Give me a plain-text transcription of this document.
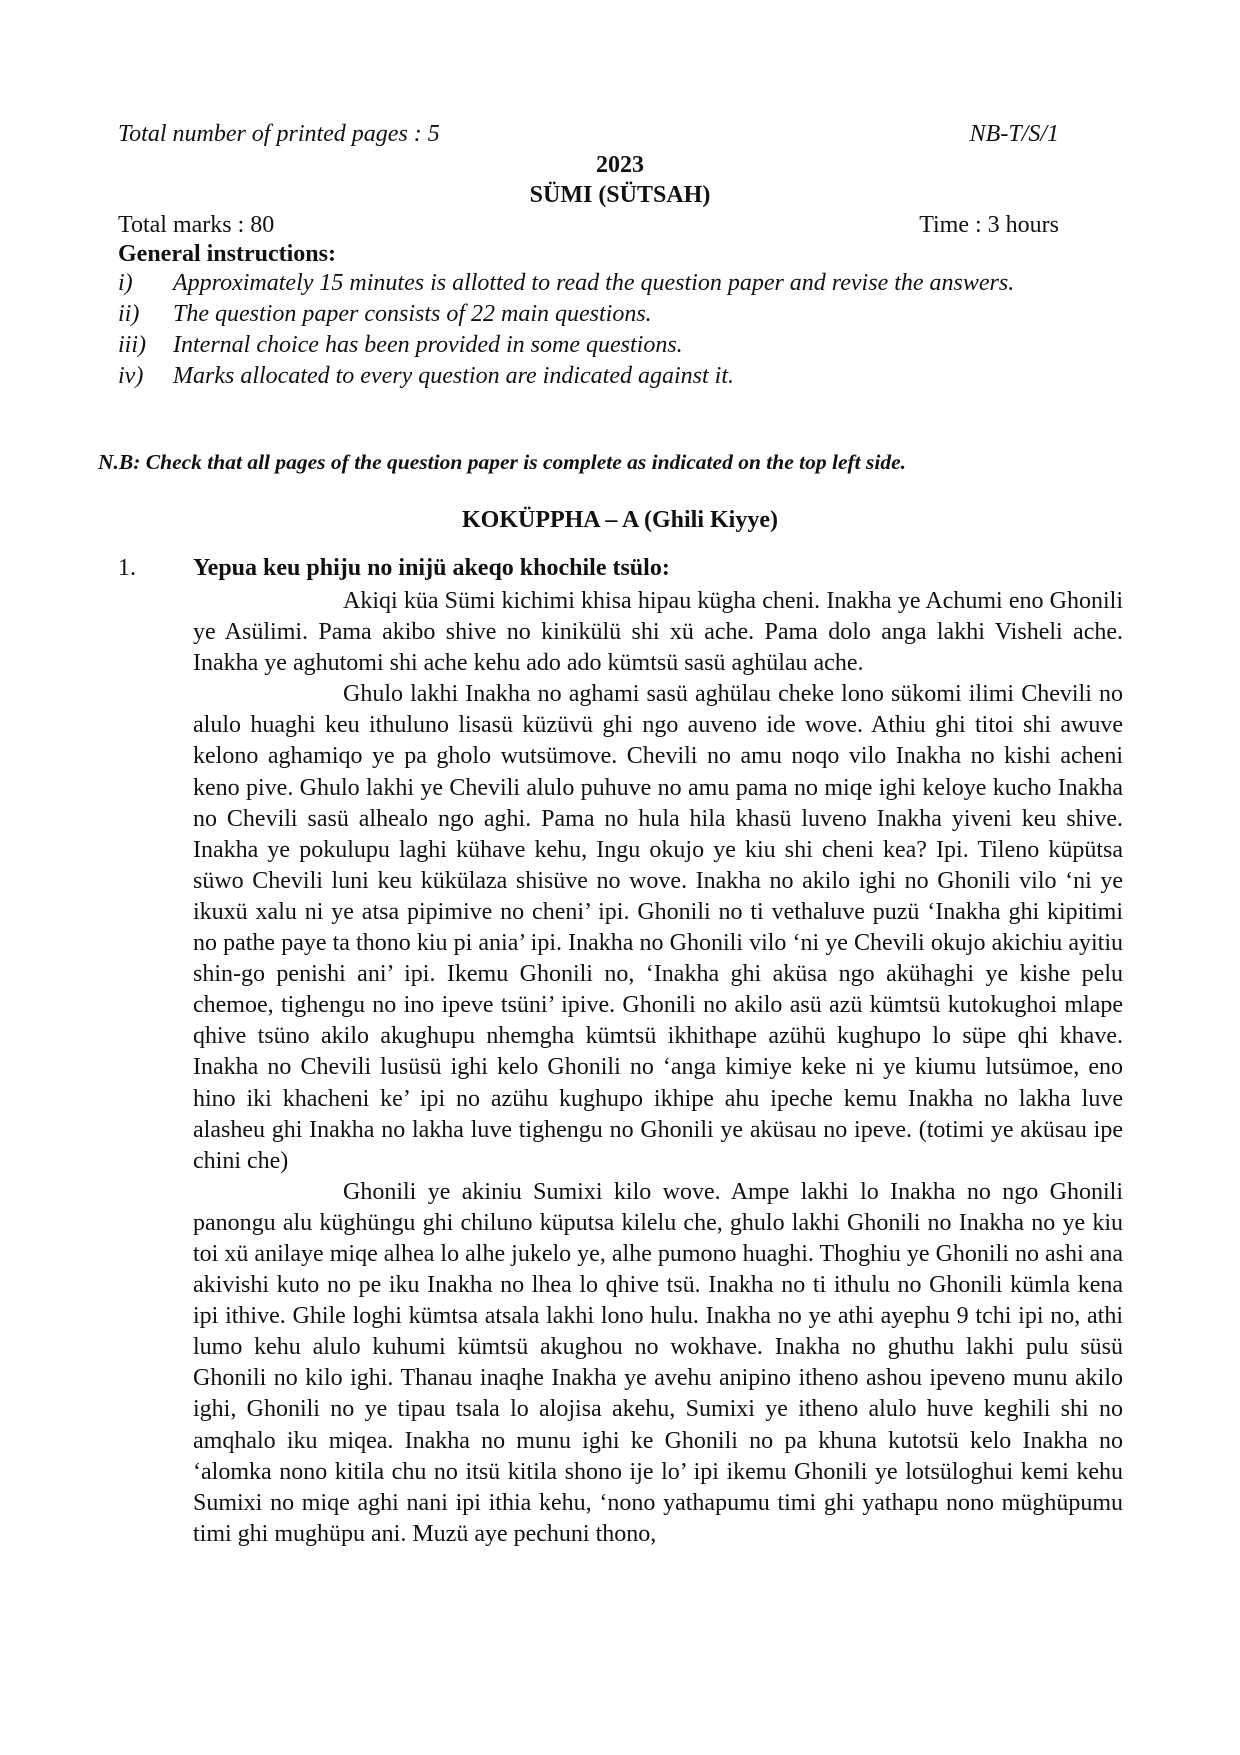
Total number of printed pages : 5	NB-T/S/1
2023
SÜMI (SÜTSAH)
Total marks : 80	Time : 3 hours
General instructions:
i)	Approximately 15 minutes is allotted to read the question paper and revise the answers.
ii)	The question paper consists of 22 main questions.
iii)	Internal choice has been provided in some questions.
iv)	Marks allocated to every question are indicated against it.
N.B: Check that all pages of the question paper is complete as indicated on the top left side.
KOKÜPPHA – A (Ghili Kiyye)
1. Yepua keu phiju no inijü akeqo khochile tsülo:

Akiqi küa Sümi kichimi khisa hipau kügha cheni. Inakha ye Achumi eno Ghonili ye Asülimi. Pama akibo shive no kinikülü shi xü ache. Pama dolo anga lakhi Visheli ache. Inakha ye aghutomi shi ache kehu ado ado kümtsü sasü aghülau ache.

Ghulo lakhi Inakha no aghami sasü aghülau cheke lono sükomi ilimi Chevili no alulo huaghi keu ithuluno lisasü küzüvü ghi ngo auveno ide wove. Athiu ghi titoi shi awuve kelono aghamiqo ye pa gholo wutsümove. Chevili no amu noqo vilo Inakha no kishi acheni keno pive. Ghulo lakhi ye Chevili alulo puhuve no amu pama no miqe ighi keloye kucho Inakha no Chevili sasü alhealo ngo aghi. Pama no hula hila khasü luveno Inakha yiveni keu shive. Inakha ye pokulupu laghi kühave kehu, Ingu okujo ye kiu shi cheni kea? Ipi. Tileno küpütsa süwo Chevili luni keu kükülaza shisüve no wove. Inakha no akilo ighi no Ghonili vilo ‘ni ye ikuxü xalu ni ye atsa pipimive no cheni’ ipi. Ghonili no ti vethaluve puzü ‘Inakha ghi kipitimi no pathe paye ta thono kiu pi ania’ ipi. Inakha no Ghonili vilo ‘ni ye Chevili okujo akichiu ayitiu shin-go penishi ani’ ipi. Ikemu Ghonili no, ‘Inakha ghi aküsa ngo akühaghi ye kishe pelu chemoe, tighengu no ino ipeve tsüni’ ipive. Ghonili no akilo asü azü kümtsü kutokughoi mlape qhive tsüno akilo akughupu nhemgha kümtsü ikhithape azühü kughupo lo süpe qhi khave. Inakha no Chevili lusüsü ighi kelo Ghonili no ‘anga kimiye keke ni ye kiumu lutsümoe, eno hino iki khacheni ke’ ipi no azühu kughupo ikhipe ahu ipeche kemu Inakha no lakha luve alasheu ghi Inakha no lakha luve tighengu no Ghonili ye aküsau no ipeve. (totimi ye aküsau ipe chini che)

Ghonili ye akiniu Sumixi kilo wove. Ampe lakhi lo Inakha no ngo Ghonili panongu alu küghüngu ghi chiluno küputsa kilelu che, ghulo lakhi Ghonili no Inakha no ye kiu toi xü anilaye miqe alhea lo alhe jukelo ye, alhe pumono huaghi. Thoghiu ye Ghonili no ashi ana akivishi kuto no pe iku Inakha no lhea lo qhive tsü. Inakha no ti ithulu no Ghonili kümla kena ipi ithive. Ghile loghi kümtsa atsala lakhi lono hulu. Inakha no ye athi ayephu 9 tchi ipi no, athi lumo kehu alulo kuhumi kümtsü akughou no wokhave. Inakha no ghuthu lakhi pulu süsü Ghonili no kilo ighi. Thanau inaqhe Inakha ye avehu anipino itheno ashou ipeveno munu akilo ighi, Ghonili no ye tipau tsala lo alojisa akehu, Sumixi ye itheno alulo huve keghili shi no amqhalo iku miqea. Inakha no munu ighi ke Ghonili no pa khuna kutotsü kelo Inakha no ‘alomka nono kitila chu no itsü kitila shono ije lo’ ipi ikemu Ghonili ye lotsüloghui kemi kehu Sumixi no miqe aghi nani ipi ithia kehu, ‘nono yathapumu timi ghi yathapu nono müghüpumu timi ghi mughüpu ani. Muzü aye pechuni thono,
